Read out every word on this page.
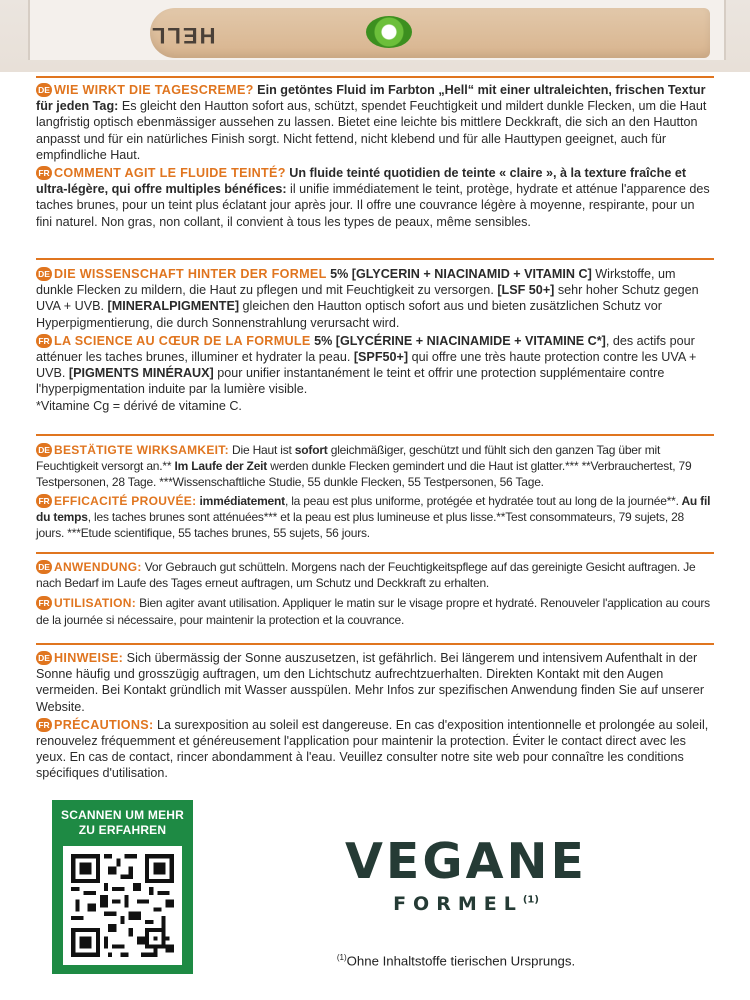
HELL

DE WIE WIRKT DIE TAGESCREME? Ein getöntes Fluid im Farbton „Hell“ mit einer ultraleichten, frischen Textur für jeden Tag: Es gleicht den Hautton sofort aus, schützt, spendet Feuchtigkeit und mildert dunkle Flecken, um die Haut langfristig optisch ebenmässiger aussehen zu lassen. Bietet eine leichte bis mittlere Deckkraft, die sich an den Hautton anpasst und für ein natürliches Finish sorgt. Nicht fettend, nicht klebend und für alle Hauttypen geeignet, auch für empfindliche Haut.

FR COMMENT AGIT LE FLUIDE TEINTÉ? Un fluide teinté quotidien de teinte « claire », à la texture fraîche et ultra-légère, qui offre multiples bénéfices: il unifie immédiatement le teint, protège, hydrate et atténue l'apparence des taches brunes, pour un teint plus éclatant jour après jour. Il offre une couvrance légère à moyenne, respirante, pour un fini naturel. Non gras, non collant, il convient à tous les types de peaux, même sensibles.

DE DIE WISSENSCHAFT HINTER DER FORMEL 5% [GLYCERIN + NIACINAMID + VITAMIN C] Wirkstoffe, um dunkle Flecken zu mildern, die Haut zu pflegen und mit Feuchtigkeit zu versorgen. [LSF 50+] sehr hoher Schutz gegen UVA + UVB. [MINERALPIGMENTE] gleichen den Hautton optisch sofort aus und bieten zusätzlichen Schutz vor Hyperpigmentierung, die durch Sonnenstrahlung verursacht wird.

FR LA SCIENCE AU CŒUR DE LA FORMULE 5% [GLYCÉRINE + NIACINAMIDE + VITAMINE C*], des actifs pour atténuer les taches brunes, illuminer et hydrater la peau. [SPF50+] qui offre une très haute protection contre les UVA + UVB. [PIGMENTS MINÉRAUX] pour unifier instantanément le teint et offrir une protection supplémentaire contre l'hyperpigmentation induite par la lumière visible.
*Vitamine Cg = dérivé de vitamine C.

DE BESTÄTIGTE WIRKSAMKEIT: Die Haut ist sofort gleichmäßiger, geschützt und fühlt sich den ganzen Tag über mit Feuchtigkeit versorgt an.** Im Laufe der Zeit werden dunkle Flecken gemindert und die Haut ist glatter.*** **Verbrauchertest, 79 Testpersonen, 28 Tage. ***Wissenschaftliche Studie, 55 dunkle Flecken, 55 Testpersonen, 56 Tage.

FR EFFICACITÉ PROUVÉE: immédiatement, la peau est plus uniforme, protégée et hydratée tout au long de la journée**. Au fil du temps, les taches brunes sont atténuées*** et la peau est plus lumineuse et plus lisse.**Test consommateurs, 79 sujets, 28 jours. ***Etude scientifique, 55 taches brunes, 55 sujets, 56 jours.

DE ANWENDUNG: Vor Gebrauch gut schütteln. Morgens nach der Feuchtigkeitspflege auf das gereinigte Gesicht auftragen. Je nach Bedarf im Laufe des Tages erneut auftragen, um Schutz und Deckkraft zu erhalten.

FR UTILISATION: Bien agiter avant utilisation. Appliquer le matin sur le visage propre et hydraté. Renouveler l'application au cours de la journée si nécessaire, pour maintenir la protection et la couvrance.

DE HINWEISE: Sich übermässig der Sonne auszusetzen, ist gefährlich. Bei längerem und intensivem Aufenthalt in der Sonne häufig und grosszügig auftragen, um den Lichtschutz aufrechtzuerhalten. Direkten Kontakt mit den Augen vermeiden. Bei Kontakt gründlich mit Wasser ausspülen. Mehr Infos zur spezifischen Anwendung finden Sie auf unserer Website.

FR PRÉCAUTIONS: La surexposition au soleil est dangereuse. En cas d'exposition intentionnelle et prolongée au soleil, renouvelez fréquemment et généreusement l'application pour maintenir la protection. Éviter le contact direct avec les yeux. En cas de contact, rincer abondamment à l'eau. Veuillez consulter notre site web pour connaître les conditions spécifiques d'utilisation.

SCANNEN UM MEHR ZU ERFAHREN
VEGANE
FORMEL$^{(1)}$
$^{(1)}$Ohne Inhaltstoffe tierischen Ursprungs.
